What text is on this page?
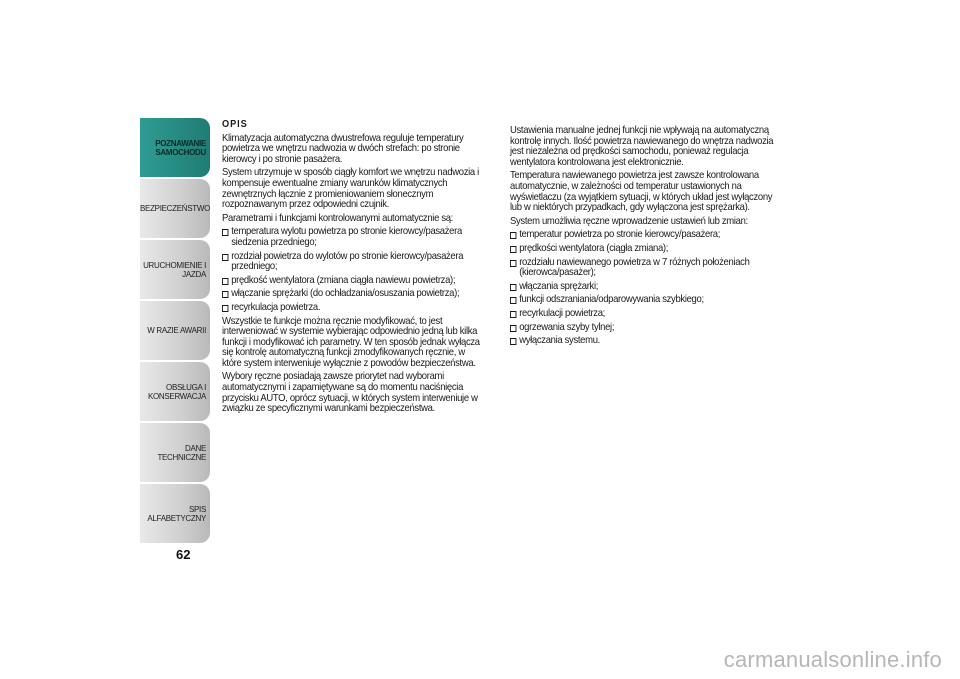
POZNAWANIE
SAMOCHODU
BEZPIECZEŃSTWO
URUCHOMIENIE I
JAZDA
W RAZIE AWARII
OBSŁUGA I
KONSERWACJA
DANE TECHNICZNE
SPIS ALFABETYCZNY
62
OPIS

Klimatyzacja automatyczna dwustrefowa reguluje temperatury powietrza we wnętrzu nadwozia w dwóch strefach: po stronie kierowcy i po stronie pasażera.

System utrzymuje w sposób ciągły komfort we wnętrzu nadwozia i kompensuje ewentualne zmiany warunków klimatycznych zewnętrznych łącznie z promieniowaniem słonecznym rozpoznawanym przez odpowiedni czujnik.

Parametrami i funkcjami kontrolowanymi automatycznie są:

temperatura wylotu powietrza po stronie kierowcy/pasażera siedzenia przedniego;
rozdział powietrza do wylotów po stronie kierowcy/pasażera przedniego;
prędkość wentylatora (zmiana ciągła nawiewu powietrza);
włączanie sprężarki (do ochładzania/osuszania powietrza);
recyrkulacja powietrza.

Wszystkie te funkcje można ręcznie modyfikować, to jest interweniować w systemie wybierając odpowiednio jedną lub kilka funkcji i modyfikować ich parametry. W ten sposób jednak wyłącza się kontrolę automatyczną funkcji zmodyfikowanych ręcznie, w które system interweniuje wyłącznie z powodów bezpieczeństwa.

Wybory ręczne posiadają zawsze priorytet nad wyborami automatycznymi i zapamiętywane są do momentu naciśnięcia przycisku AUTO, oprócz sytuacji, w których system interweniuje w związku ze specyficznymi warunkami bezpieczeństwa.

Ustawienia manualne jednej funkcji nie wpływają na automatyczną kontrolę innych. Ilość powietrza nawiewanego do wnętrza nadwozia jest niezależna od prędkości samochodu, ponieważ regulacja wentylatora kontrolowana jest elektronicznie.

Temperatura nawiewanego powietrza jest zawsze kontrolowana automatycznie, w zależności od temperatur ustawionych na wyświetlaczu (za wyjątkiem sytuacji, w których układ jest wyłączony lub w niektórych przypadkach, gdy wyłączona jest sprężarka).

System umożliwia ręczne wprowadzenie ustawień lub zmian:

temperatur powietrza po stronie kierowcy/pasażera;
prędkości wentylatora (ciągła zmiana);
rozdziału nawiewanego powietrza w 7 różnych położeniach (kierowca/pasażer);
włączania sprężarki;
funkcji odszraniania/odparowywania szybkiego;
recyrkulacji powietrza;
ogrzewania szyby tylnej;
wyłączania systemu.
carmanualsonline.info
